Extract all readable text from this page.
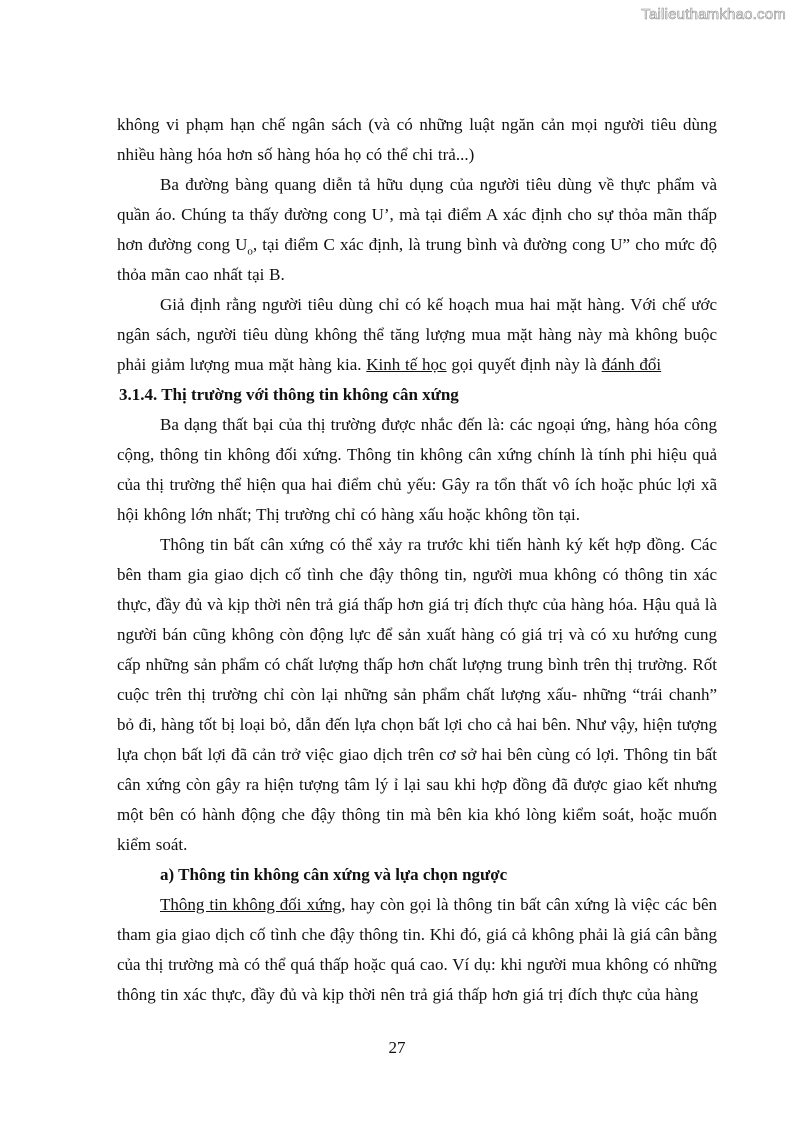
Tailieuthamkhao.com

không vi phạm hạn chế ngân sách (và có những luật ngăn cản mọi người tiêu dùng nhiều hàng hóa hơn số hàng hóa họ có thể chi trả...)

Ba đường bàng quang diễn tả hữu dụng của người tiêu dùng về thực phẩm và quần áo. Chúng ta thấy đường cong U’, mà tại điểm A xác định cho sự thỏa mãn thấp hơn đường cong $U_o$, tại điểm C xác định, là trung bình và đường cong U” cho mức độ thỏa mãn cao nhất tại B.

Giả định rằng người tiêu dùng chỉ có kế hoạch mua hai mặt hàng. Với chế ước ngân sách, người tiêu dùng không thể tăng lượng mua mặt hàng này mà không buộc phải giảm lượng mua mặt hàng kia. Kinh tế học gọi quyết định này là đánh đổi

3.1.4. Thị trường với thông tin không cân xứng

Ba dạng thất bại của thị trường được nhắc đến là: các ngoại ứng, hàng hóa công cộng, thông tin không đối xứng. Thông tin không cân xứng chính là tính phi hiệu quả của thị trường thể hiện qua hai điểm chủ yếu: Gây ra tổn thất vô ích hoặc phúc lợi xã hội không lớn nhất; Thị trường chỉ có hàng xấu hoặc không tồn tại.

Thông tin bất cân xứng có thể xảy ra trước khi tiến hành ký kết hợp đồng. Các bên tham gia giao dịch cố tình che đậy thông tin, người mua không có thông tin xác thực, đầy đủ và kịp thời nên trả giá thấp hơn giá trị đích thực của hàng hóa. Hậu quả là người bán cũng không còn động lực để sản xuất hàng có giá trị và có xu hướng cung cấp những sản phẩm có chất lượng thấp hơn chất lượng trung bình trên thị trường. Rốt cuộc trên thị trường chỉ còn lại những sản phẩm chất lượng xấu- những “trái chanh” bỏ đi, hàng tốt bị loại bỏ, dẫn đến lựa chọn bất lợi cho cả hai bên. Như vậy, hiện tượng lựa chọn bất lợi đã cản trở việc giao dịch trên cơ sở hai bên cùng có lợi. Thông tin bất cân xứng còn gây ra hiện tượng tâm lý ỉ lại sau khi hợp đồng đã được giao kết nhưng một bên có hành động che đậy thông tin mà bên kia khó lòng kiểm soát, hoặc muốn kiểm soát.

a) Thông tin không cân xứng và lựa chọn ngược

Thông tin không đối xứng, hay còn gọi là thông tin bất cân xứng là việc các bên tham gia giao dịch cố tình che đậy thông tin. Khi đó, giá cả không phải là giá cân bằng của thị trường mà có thể quá thấp hoặc quá cao. Ví dụ: khi người mua không có những thông tin xác thực, đầy đủ và kịp thời nên trả giá thấp hơn giá trị đích thực của hàng

27
